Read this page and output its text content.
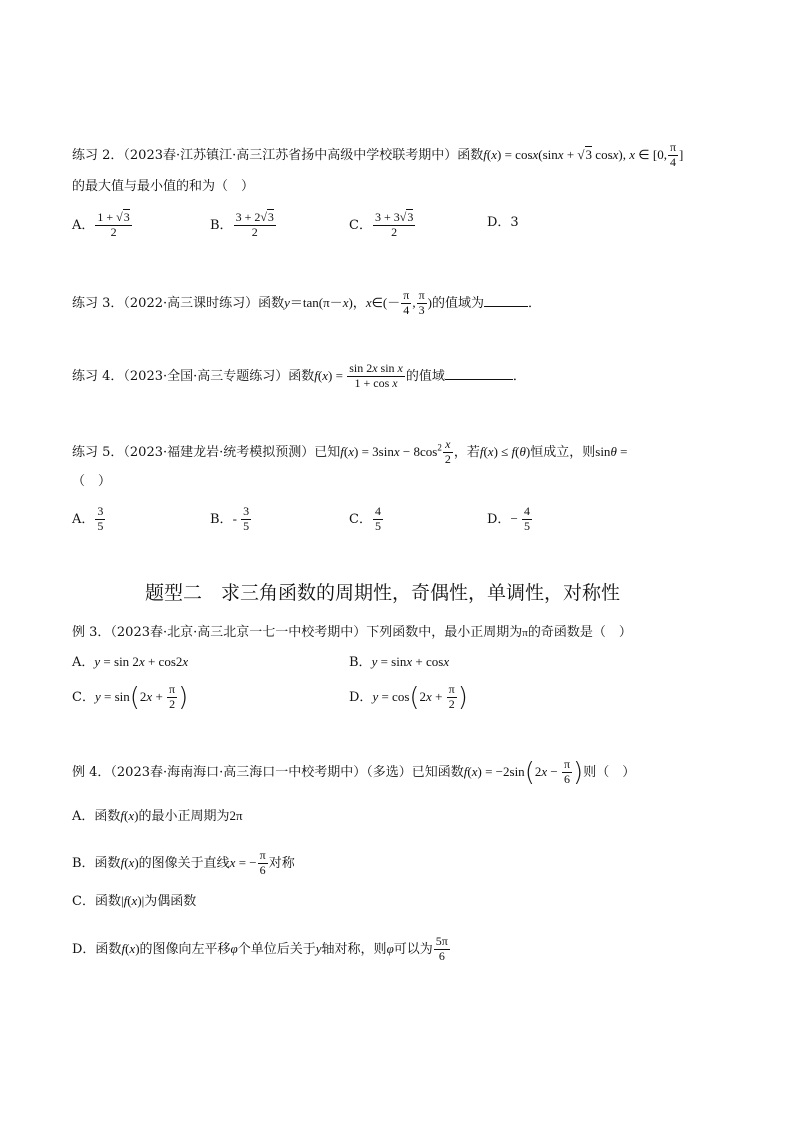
练习 2．（2023春·江苏镇江·高三江苏省扬中高级中学校联考期中）函数f(x) = cosx(sinx + √3 cosx), x ∈ [0, $\frac{\pi}{4}$ ]
的最大值与最小值的和为（　）
A． $\frac{1 + √3}{2}$	B． $\frac{3 + 2√3}{2}$	C． $\frac{3 + 3√3}{2}$	D．3
练习 3．（2022·高三课时练习）函数y＝tan(π－x)，x∈(－ $\frac{\pi}{4}$ , $\frac{\pi}{3}$ )的值域为	．
练习 4．（2023·全国·高三专题练习）函数$f(x) = \frac{\text{sin 2x sin x}}{\text{1 + cos x}}$ 的值域	．
练习 5．（2023·福建龙岩·统考模拟预测）已知$f(x) = 3\sin x - 8\cos^2 \frac{x}{2}$ ，若f(x) ≤ f(θ)恒成立，则sinθ =
（　）
A． $\frac{3}{5}$	B．- $\frac{3}{5}$	C． $\frac{4}{5}$	D．− $\frac{4}{5}$
题型二　求三角函数的周期性，奇偶性，单调性，对称性
例 3．（2023春·北京·高三北京一七一中校考期中）下列函数中，最小正周期为π的奇函数是（　）
A．y = sin 2x + cos2x	B．y = sinx + cosx
C．$y = \sin(2x + \frac{\pi}{2}$ )	D．$y = \cos(2x + \frac{\pi}{2}$ )
例 4．（2023春·海南海口·高三海口一中校考期中）（多选）已知函数$f(x) = -2\sin(2x - \frac{\pi}{6}$ )则（　）
A．函数f(x)的最小正周期为2π
B．函数f(x)的图像关于直线x = − $\frac{\pi}{6}$ 对称
C．函数|f(x)|为偶函数
D．函数f(x)的图像向左平移φ个单位后关于y轴对称，则φ可以为 $\frac{5\pi}{6}$
